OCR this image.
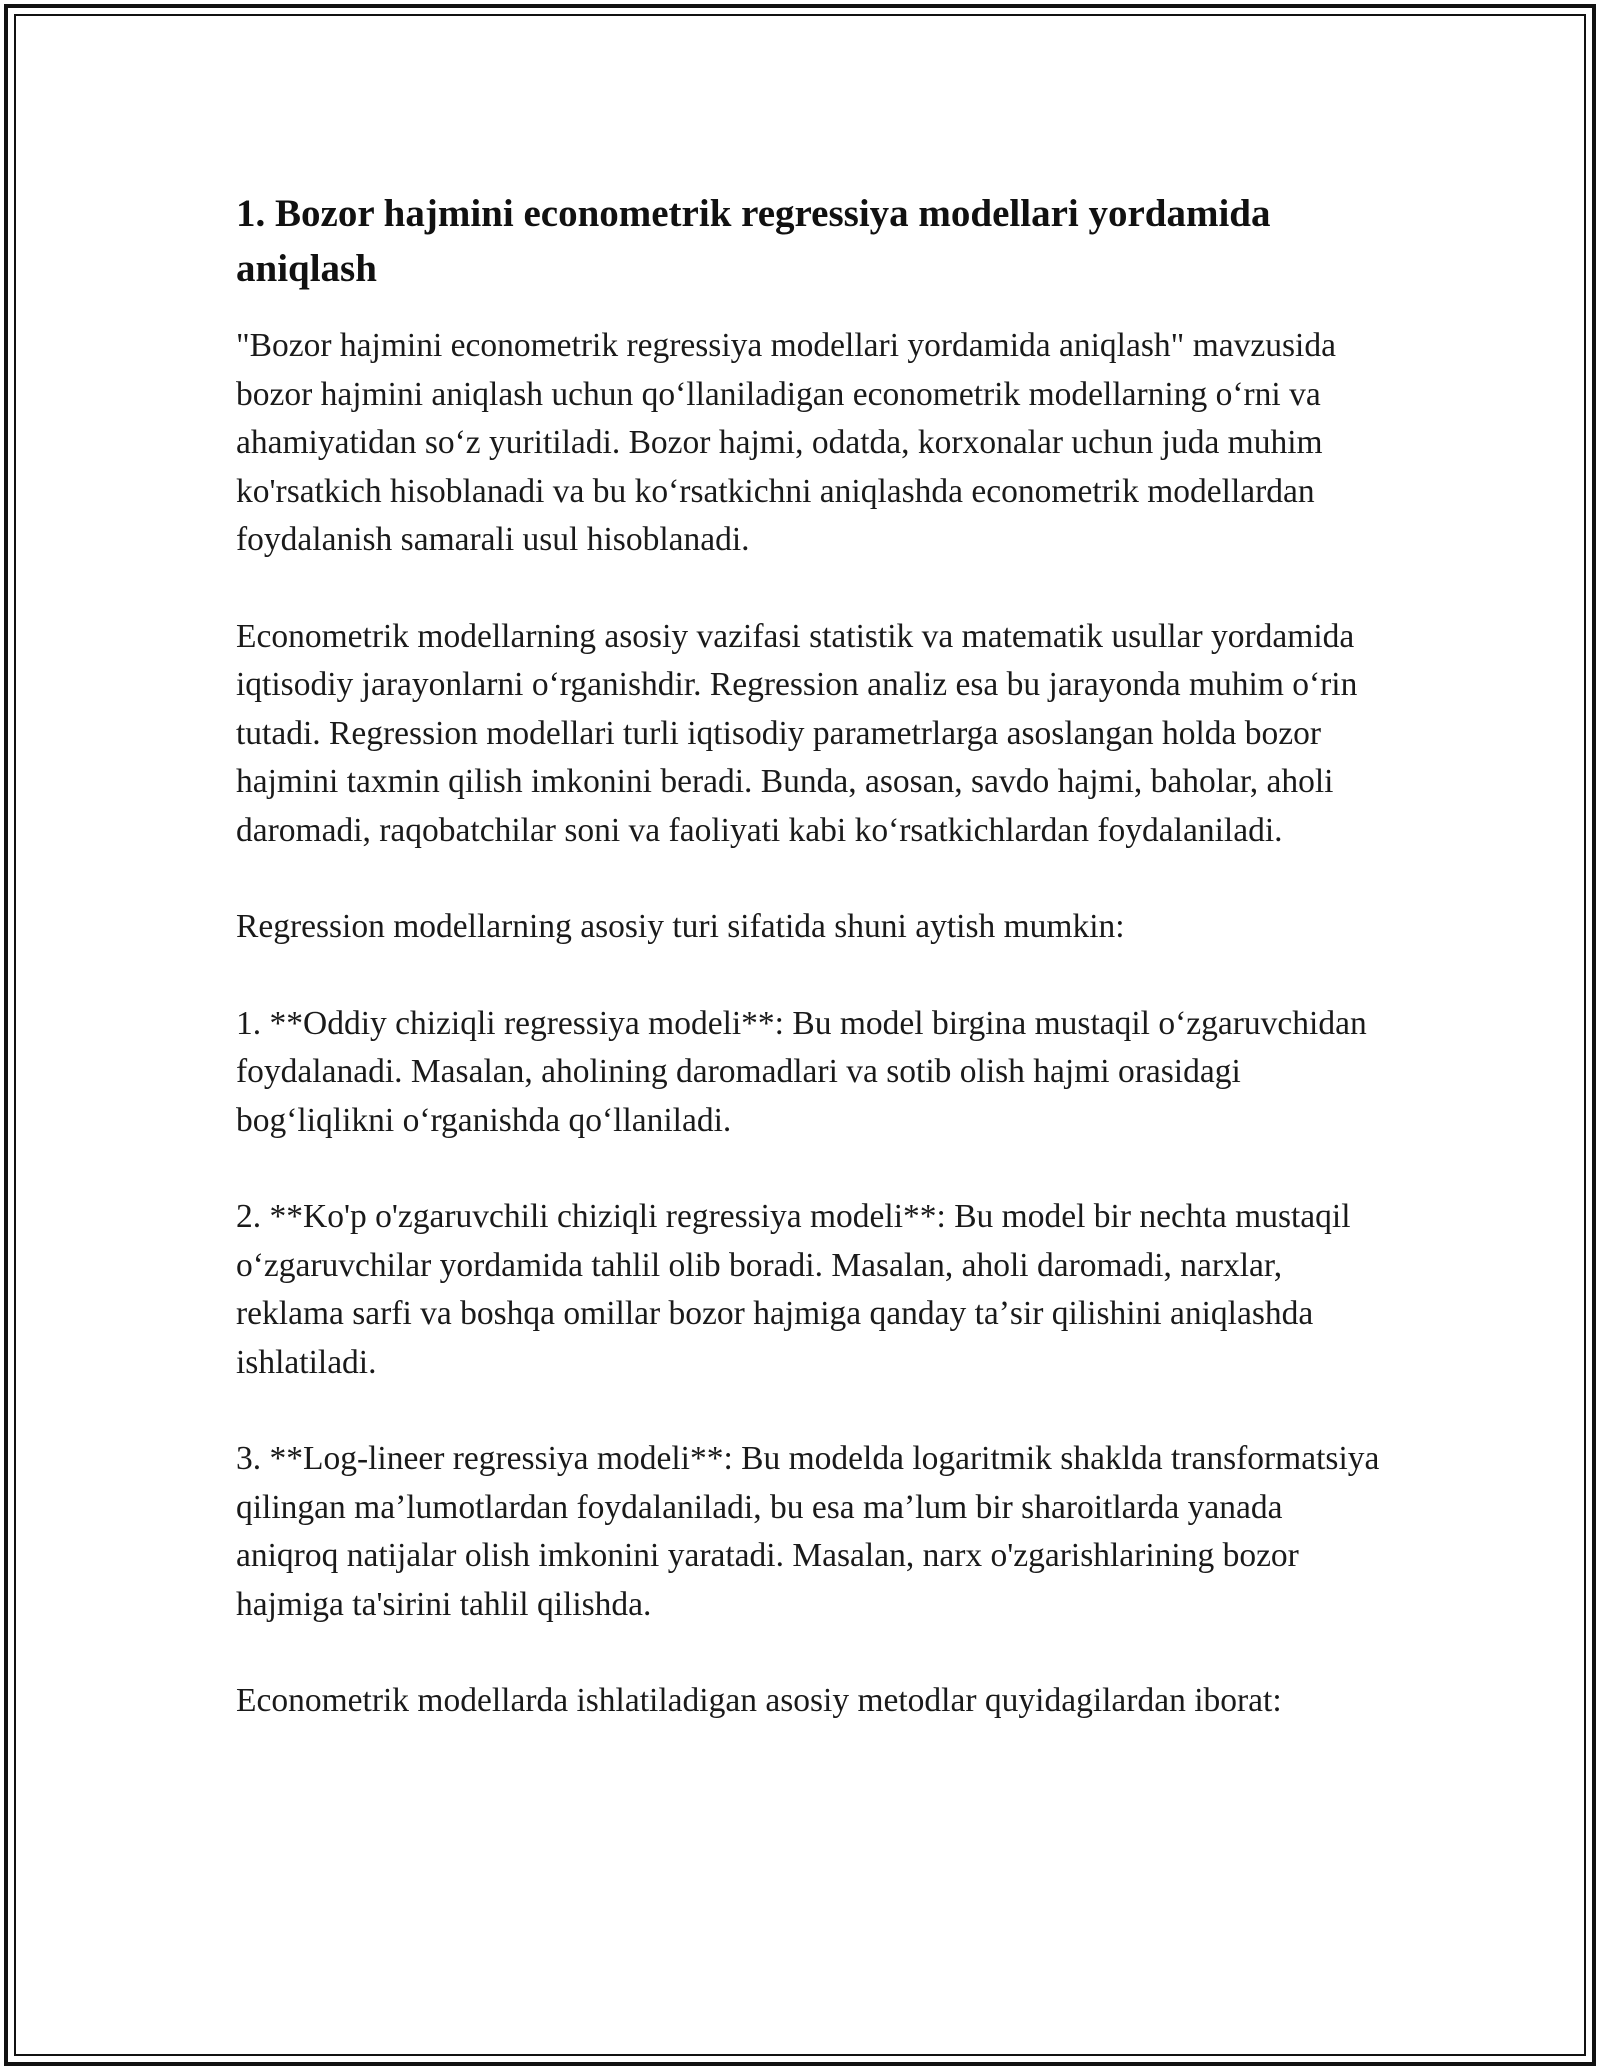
1. Bozor hajmini econometrik regressiya modellari yordamida aniqlash

"Bozor hajmini econometrik regressiya modellari yordamida aniqlash" mavzusida bozor hajmini aniqlash uchun qoʻllaniladigan econometrik modellarning oʻrni va ahamiyatidan soʻz yuritiladi. Bozor hajmi, odatda, korxonalar uchun juda muhim ko'rsatkich hisoblanadi va bu koʻrsatkichni aniqlashda econometrik modellardan foydalanish samarali usul hisoblanadi.

Econometrik modellarning asosiy vazifasi statistik va matematik usullar yordamida iqtisodiy jarayonlarni oʻrganishdir. Regression analiz esa bu jarayonda muhim oʻrin tutadi. Regression modellari turli iqtisodiy parametrlarga asoslangan holda bozor hajmini taxmin qilish imkonini beradi. Bunda, asosan, savdo hajmi, baholar, aholi daromadi, raqobatchilar soni va faoliyati kabi koʻrsatkichlardan foydalaniladi.

Regression modellarning asosiy turi sifatida shuni aytish mumkin:

1. **Oddiy chiziqli regressiya modeli**: Bu model birgina mustaqil oʻzgaruvchidan foydalanadi. Masalan, aholining daromadlari va sotib olish hajmi orasidagi bogʻliqlikni oʻrganishda qoʻllaniladi.

2. **Ko'p o'zgaruvchili chiziqli regressiya modeli**: Bu model bir nechta mustaqil oʻzgaruvchilar yordamida tahlil olib boradi. Masalan, aholi daromadi, narxlar, reklama sarfi va boshqa omillar bozor hajmiga qanday taʼsir qilishini aniqlashda ishlatiladi.

3. **Log-lineer regressiya modeli**: Bu modelda logaritmik shaklda transformatsiya qilingan maʼlumotlardan foydalaniladi, bu esa maʼlum bir sharoitlarda yanada aniqroq natijalar olish imkonini yaratadi. Masalan, narx o'zgarishlarining bozor hajmiga ta'sirini tahlil qilishda.

Econometrik modellarda ishlatiladigan asosiy metodlar quyidagilardan iborat:
